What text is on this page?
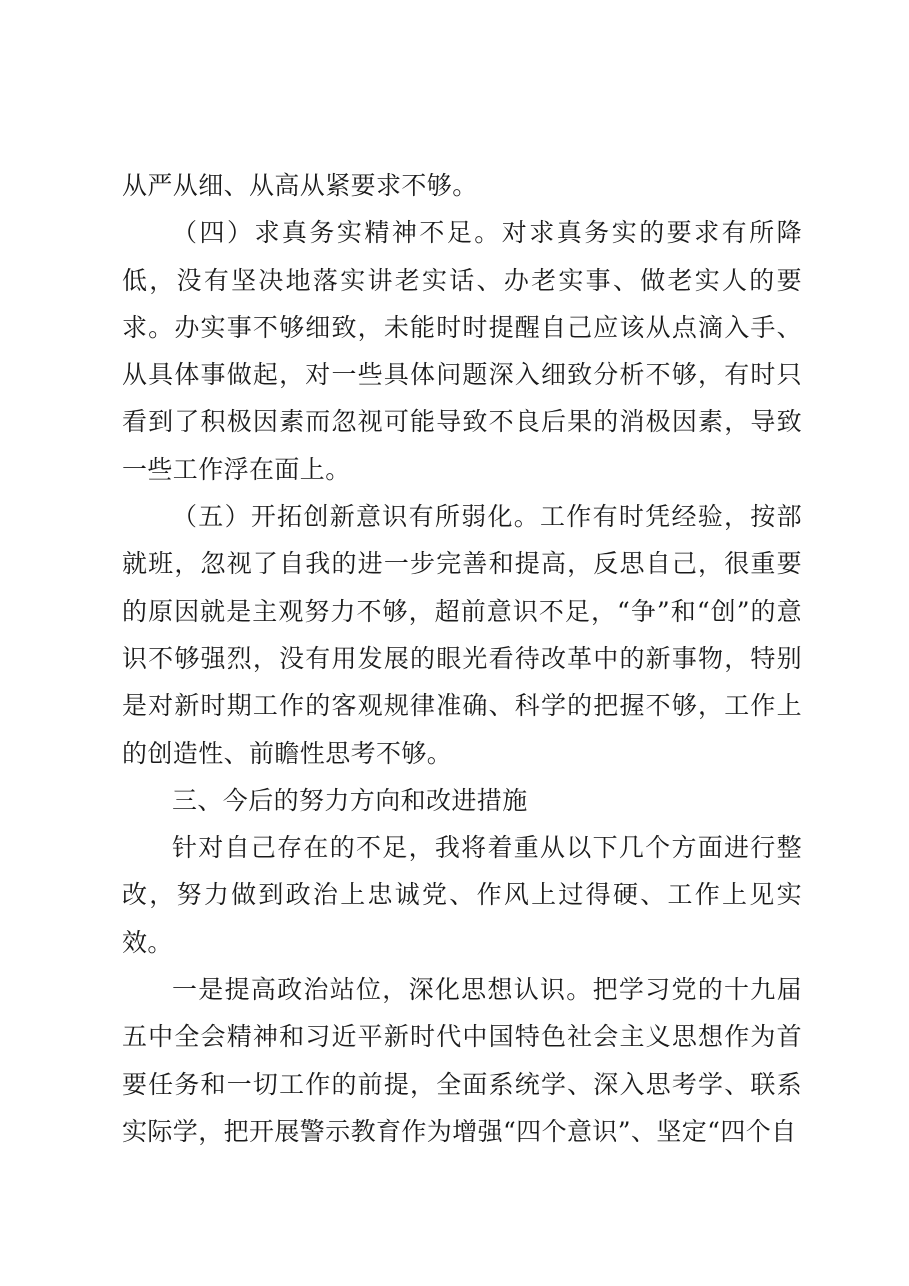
从严从细、从高从紧要求不够。

（四）求真务实精神不足。对求真务实的要求有所降低，没有坚决地落实讲老实话、办老实事、做老实人的要求。办实事不够细致，未能时时提醒自己应该从点滴入手、从具体事做起，对一些具体问题深入细致分析不够，有时只看到了积极因素而忽视可能导致不良后果的消极因素，导致一些工作浮在面上。

（五）开拓创新意识有所弱化。工作有时凭经验，按部就班，忽视了自我的进一步完善和提高，反思自己，很重要的原因就是主观努力不够，超前意识不足，“争”和“创”的意识不够强烈，没有用发展的眼光看待改革中的新事物，特别是对新时期工作的客观规律准确、科学的把握不够，工作上的创造性、前瞻性思考不够。

三、今后的努力方向和改进措施

针对自己存在的不足，我将着重从以下几个方面进行整改，努力做到政治上忠诚党、作风上过得硬、工作上见实效。

一是提高政治站位，深化思想认识。把学习党的十九届五中全会精神和习近平新时代中国特色社会主义思想作为首要任务和一切工作的前提，全面系统学、深入思考学、联系实际学，把开展警示教育作为增强“四个意识”、坚定“四个自
